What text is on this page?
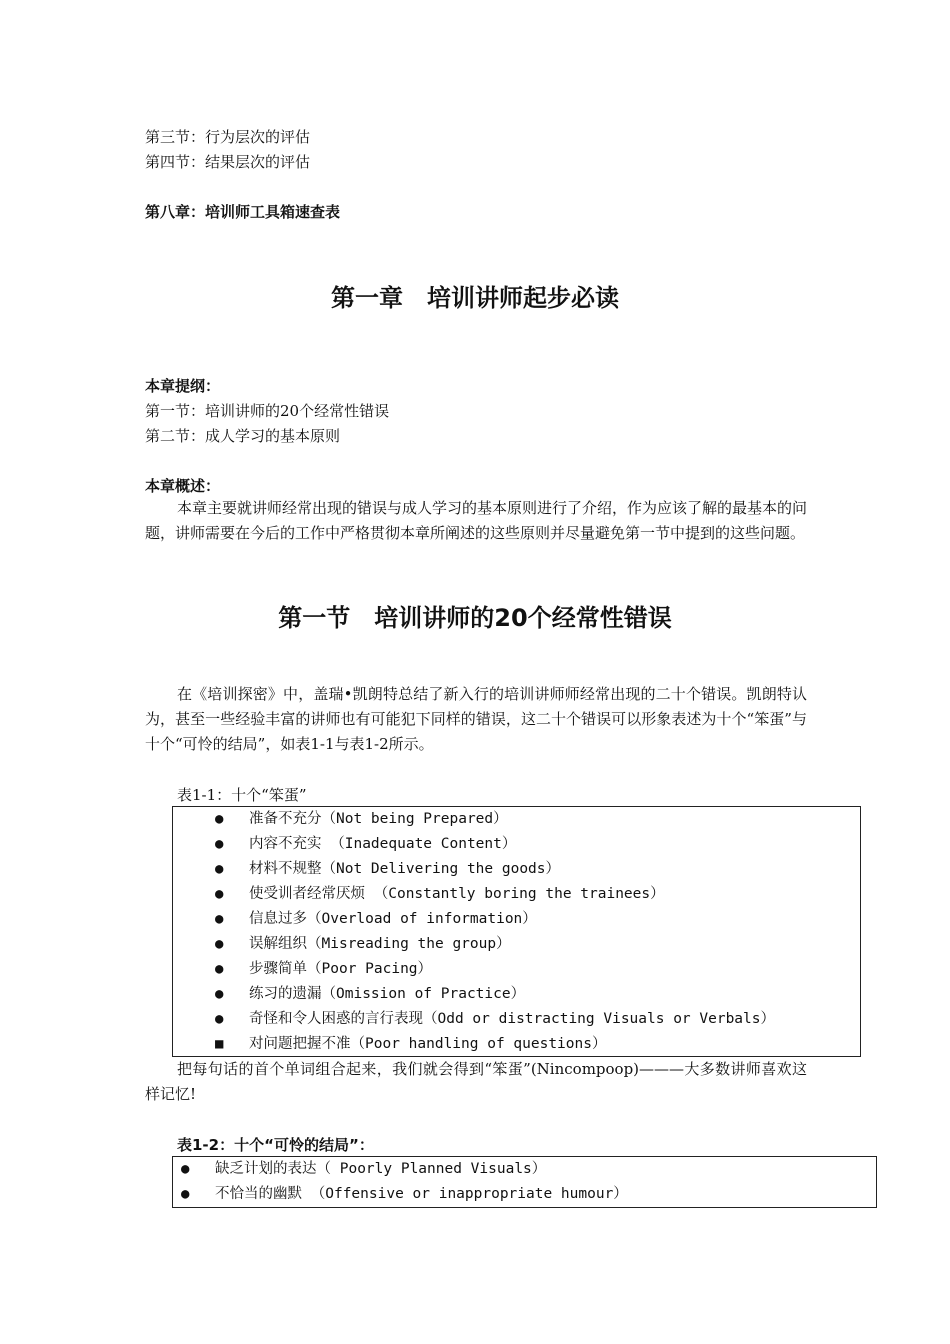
第三节：行为层次的评估
第四节：结果层次的评估
第八章：培训师工具箱速查表
第一章　培训讲师起步必读
本章提纲：
第一节：培训讲师的20个经常性错误
第二节：成人学习的基本原则
本章概述：
本章主要就讲师经常出现的错误与成人学习的基本原则进行了介绍，作为应该了解的最基本的问题，讲师需要在今后的工作中严格贯彻本章所阐述的这些原则并尽量避免第一节中提到的这些问题。
第一节　培训讲师的20个经常性错误
在《培训探密》中，盖瑞•凯朗特总结了新入行的培训讲师师经常出现的二十个错误。凯朗特认为，甚至一些经验丰富的讲师也有可能犯下同样的错误，这二十个错误可以形象表述为十个“笨蛋”与十个“可怜的结局”，如表1-1与表1-2所示。
表1-1：十个“笨蛋”
● 准备不充分（Not being Prepared）
● 内容不充实 （Inadequate Content）
● 材料不规整（Not Delivering the goods）
● 使受训者经常厌烦 （Constantly boring the trainees）
● 信息过多（Overload of information）
● 误解组织（Misreading the group）
● 步骤简单（Poor Pacing）
● 练习的遗漏（Omission of Practice）
● 奇怪和令人困惑的言行表现（Odd or distracting Visuals or Verbals）
■ 对问题把握不准（Poor handling of questions）
把每句话的首个单词组合起来，我们就会得到“笨蛋”(Nincompoop)———大多数讲师喜欢这样记忆!
表1-2：十个“可怜的结局”：
● 缺乏计划的表达（ Poorly Planned Visuals）
● 不恰当的幽默 （Offensive or inappropriate humour）
